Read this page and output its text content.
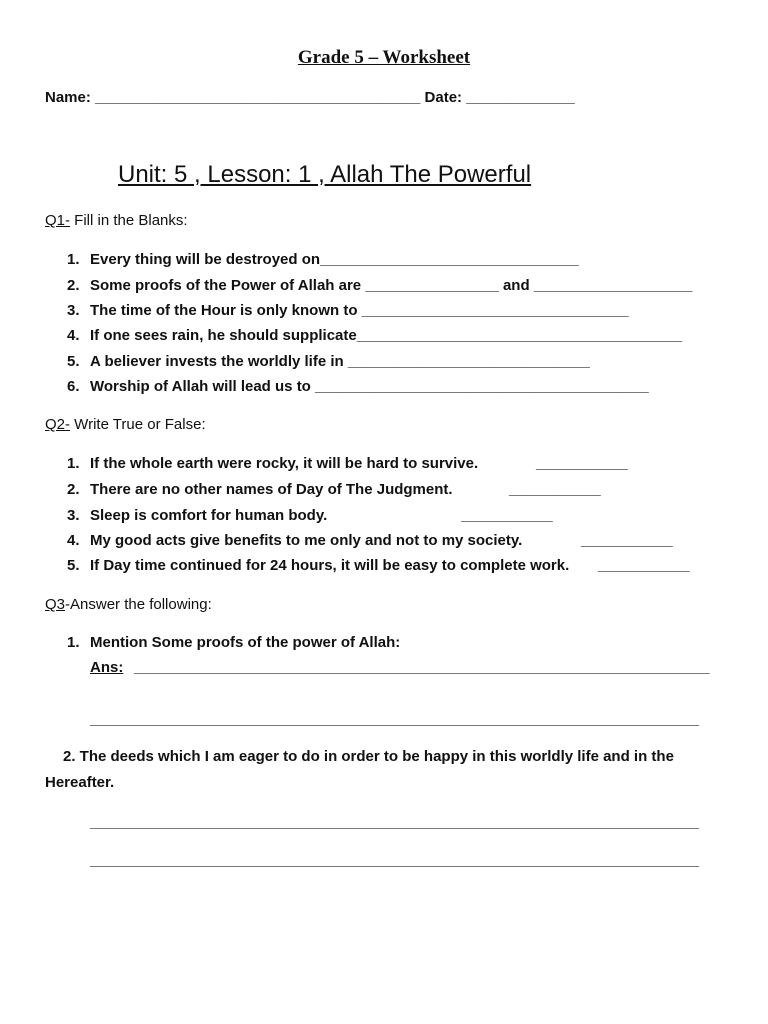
Grade 5 – Worksheet
Name: _______________________________________ Date: _____________
Unit: 5 , Lesson: 1 , Allah The Powerful
Q1- Fill in the Blanks:
1. Every thing will be destroyed on_______________________________
2. Some proofs of the Power of Allah are ________________ and ___________________
3. The time of the Hour is only known to ________________________________
4. If one sees rain, he should supplicate_______________________________________
5. A believer invests the worldly life in _____________________________
6. Worship of Allah will lead us to ________________________________________
Q2- Write True or False:
1. If the whole earth were rocky, it will be hard to survive.	___________
2. There are no other names of Day of The Judgment.	___________
3. Sleep is comfort for human body.	___________
4. My good acts give benefits to me only and not to my society.	___________
5. If Day time continued for 24 hours, it will be easy to complete work. ___________
Q3-Answer the following:
1. Mention Some proofs of the power of Allah:
Ans: _____________________________________________________________________
_________________________________________________________________________
2. The deeds which I am eager to do in order to be happy in this worldly life and in the Hereafter.
_________________________________________________________________________
_________________________________________________________________________
